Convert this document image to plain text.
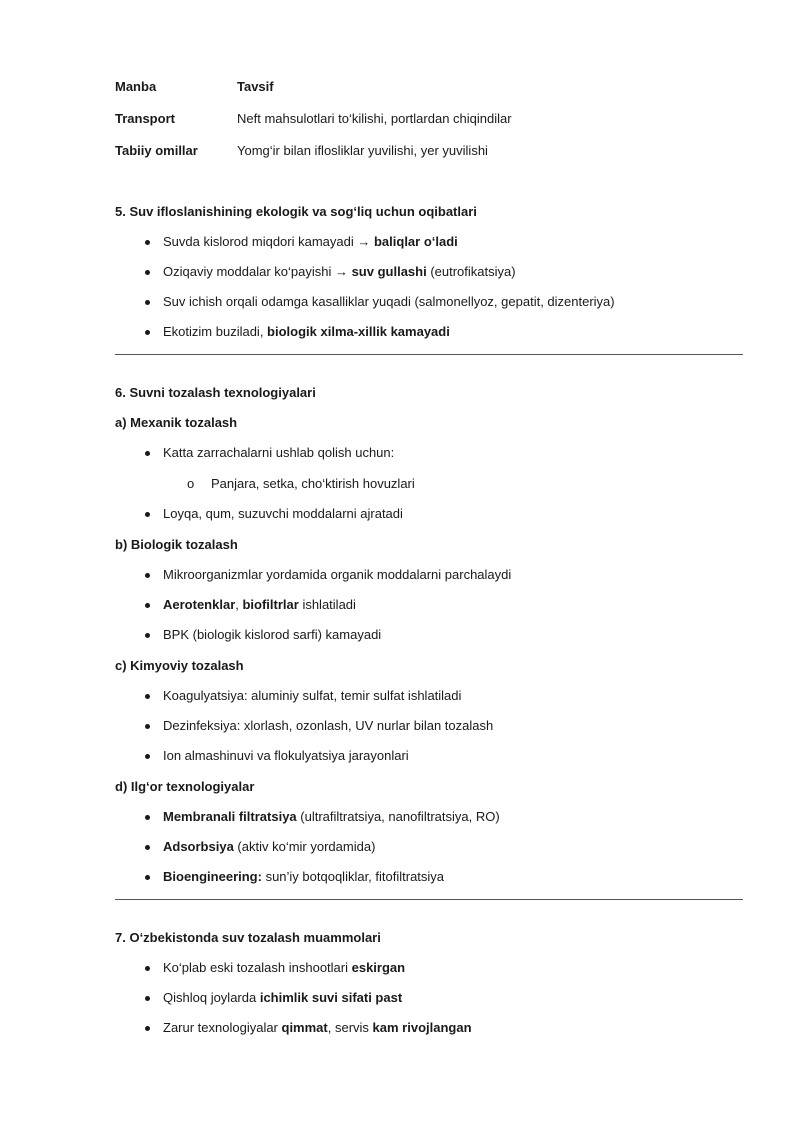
Manba	Tavsif
Transport	Neft mahsulotlari to‘kilishi, portlardan chiqindilar
Tabiiy omillar	Yomg‘ir bilan ifloslikl​ar yuvilishi, yer yuvilishi
5. Suv ifloslanishining ekologik va sog‘liq uchun oqibatlari
Suvda kislorod miqdori kamayadi → baliqlar o‘ladi
Oziqaviy moddalar ko‘payishi → suv gullashi (eutrofikatsiya)
Suv ichish orqali odamga kasalliklar yuqadi (salmonellyoz, gepatit, dizenteriya)
Ekotizim buziladi, biologik xilma-xillik kamayadi
6. Suvni tozalash texnologiyalari
a) Mexanik tozalash
Katta zarrachalarni ushlab qolish uchun:
o Panjara, setka, cho‘ktirish hovuzlari
Loyqa, qum, suzuvchi moddalarni ajratadi
b) Biologik tozalash
Mikroorganizmlar yordamida organik moddalarni parchalaydi
Aerotenklar, biofiltrlar ishlatiladi
BPK (biologik kislorod sarfi) kamayadi
c) Kimyoviy tozalash
Koagulyatsiya: aluminiy sulfat, temir sulfat ishlatiladi
Dezinfeksiya: xlorlash, ozonlash, UV nurlar bilan tozalash
Ion almashinuvi va flokulyatsiya jarayonlari
d) Ilg‘or texnologiyalar
Membranali filtratsiya (ultrafiltratsiya, nanofiltratsiya, RO)
Adsorbsiya (aktiv ko‘mir yordamida)
Bioengineering: sun’iy botqoqliklar, fitofiltratsiya
7. O‘zbekistonda suv tozalash muammolari
Ko‘plab eski tozalash inshootlari eskirgan
Qishloq joylarda ichimlik suvi sifati past
Zarur texnologiyalar qimmat, servis kam rivojlangan
